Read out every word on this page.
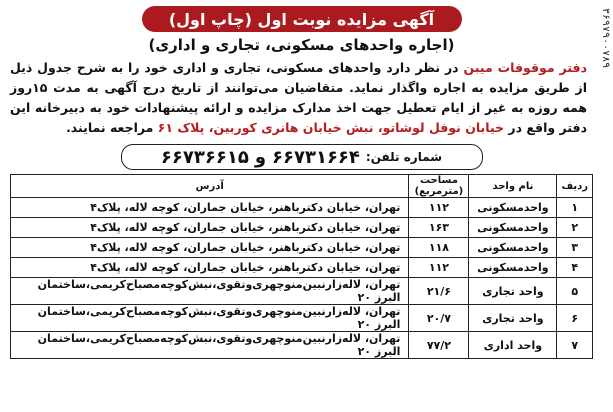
۳۶۹۷۹۰۰۷۸۹
آگهی مزایده نوبت اول (چاپ اول)
(اجاره واحدهای مسکونی، تجاری و اداری)
دفتر موقوفات میبن در نظر دارد واحدهای مسکونی، تجاری و اداری خود را به شرح جدول ذیل از طریق مزایده به اجاره واگذار نماید. متقاضیان می‌توانند از تاریخ درج آگهی به مدت ۱۵روز همه روزه به غیر از ایام تعطیل جهت اخذ مدارک مزایده و ارائه پیشنهادات خود به دبیرخانه این دفتر واقع در خیابان نوفل لوشاتو، نبش خیابان هانری کوربین، پلاک ۶۱ مراجعه نمایند.
شماره تلفن:
۶۶۷۳۱۶۶۴
و
۶۶۷۳۶۶۱۵
ردیف	نام واحد	مساحت (مترمربع)	آدرس
۱	واحدمسکونی	۱۱۲	تهران، خیابان دکترباهنر، خیابان جماران، کوچه لاله، پلاک۴
۲	واحدمسکونی	۱۶۳	تهران، خیابان دکترباهنر، خیابان جماران، کوچه لاله، پلاک۴
۳	واحدمسکونی	۱۱۸	تهران، خیابان دکترباهنر، خیابان جماران، کوچه لاله، پلاک۴
۴	واحدمسکونی	۱۱۲	تهران، خیابان دکترباهنر، خیابان جماران، کوچه لاله، پلاک۴
۵	واحد تجاری	۲۱/۶	تهران، لاله‌زارنبین‌منوچهری‌وتقوی،نبش‌کوچه‌مصباح‌کریمی،ساختمان البرز ۲۰
۶	واحد تجاری	۲۰/۷	تهران، لاله‌زارنبین‌منوچهری‌وتقوی،نبش‌کوچه‌مصباح‌کریمی،ساختمان البرز ۲۰
۷	واحد اداری	۷۷/۲	تهران، لاله‌زارنبین‌منوچهری‌وتقوی،نبش‌کوچه‌مصباح‌کریمی،ساختمان البرز ۲۰
